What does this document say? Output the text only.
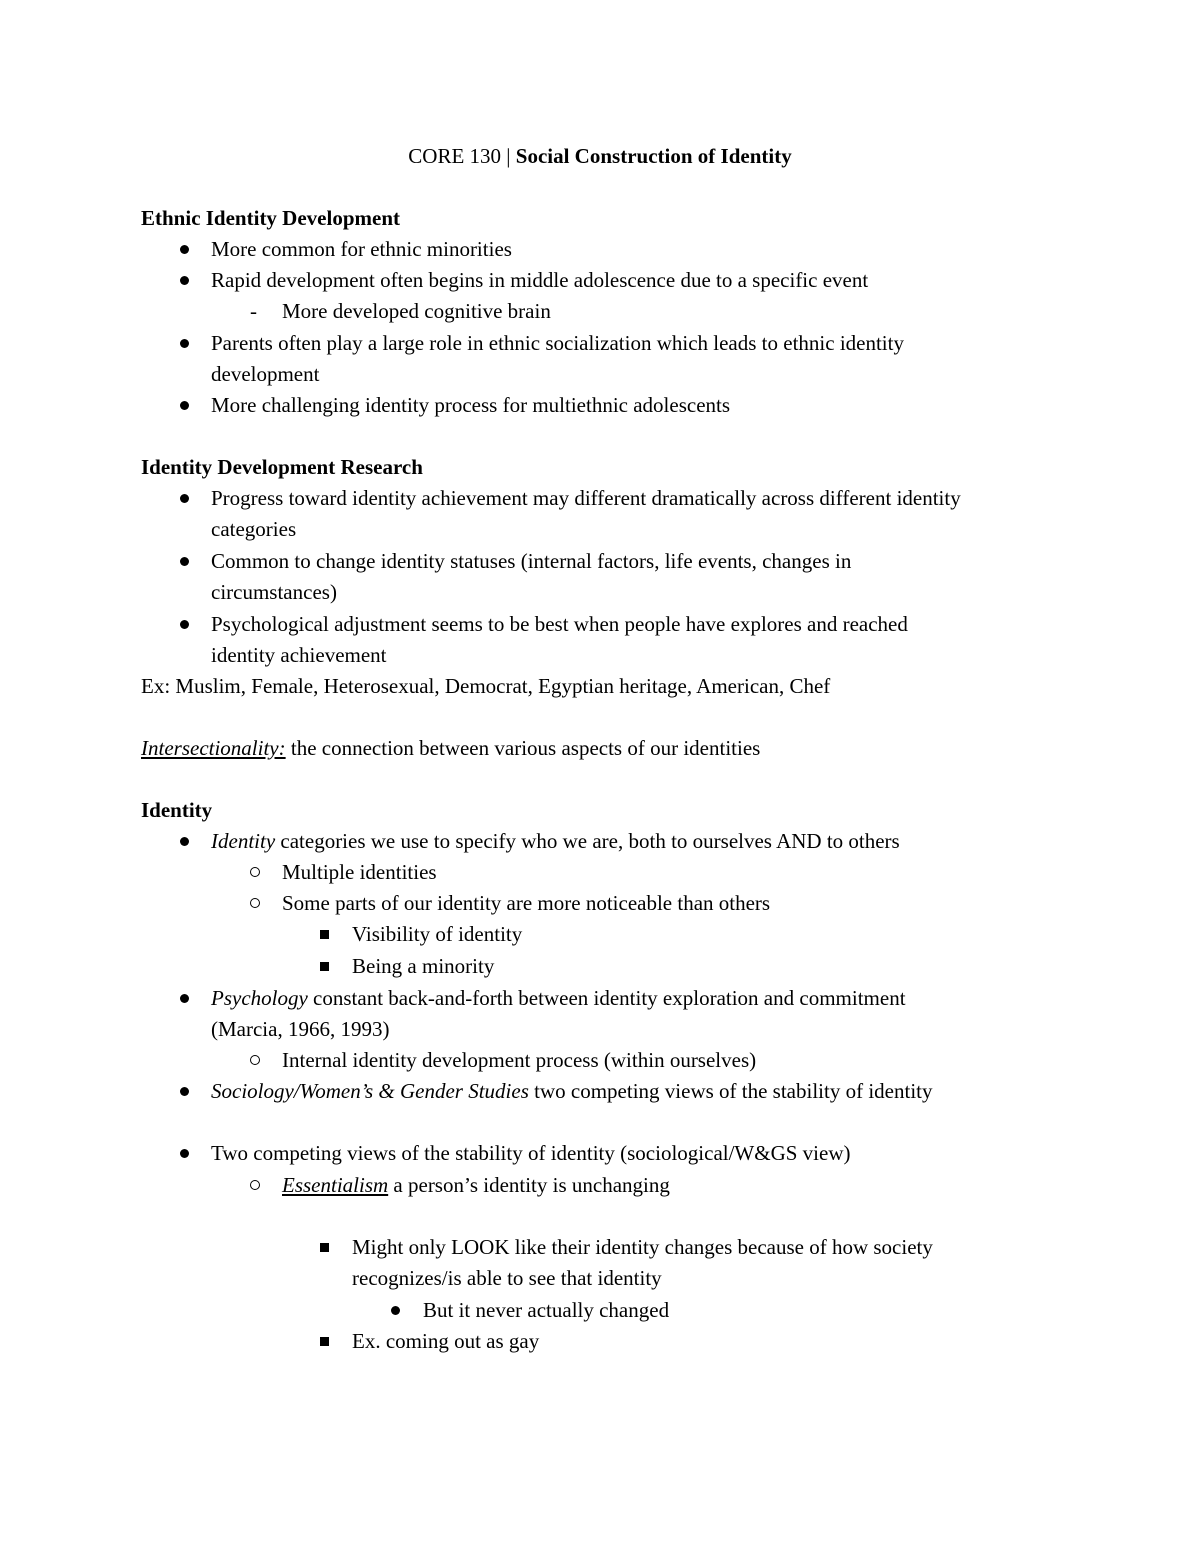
CORE 130 | Social Construction of Identity
Ethnic Identity Development
More common for ethnic minorities
Rapid development often begins in middle adolescence due to a specific event
- More developed cognitive brain
Parents often play a large role in ethnic socialization which leads to ethnic identity
development
More challenging identity process for multiethnic adolescents
Identity Development Research
Progress toward identity achievement may different dramatically across different identity
categories
Common to change identity statuses (internal factors, life events, changes in
circumstances)
Psychological adjustment seems to be best when people have explores and reached
identity achievement
Ex: Muslim, Female, Heterosexual, Democrat, Egyptian heritage, American, Chef
Intersectionality: the connection between various aspects of our identities
Identity
Identity categories we use to specify who we are, both to ourselves AND to others
Multiple identities
Some parts of our identity are more noticeable than others
Visibility of identity
Being a minority
Psychology constant back-and-forth between identity exploration and commitment
(Marcia, 1966, 1993)
Internal identity development process (within ourselves)
Sociology/Women’s & Gender Studies two competing views of the stability of identity
Two competing views of the stability of identity (sociological/W&GS view)
Essentialism a person’s identity is unchanging
Might only LOOK like their identity changes because of how society
recognizes/is able to see that identity
But it never actually changed
Ex. coming out as gay
